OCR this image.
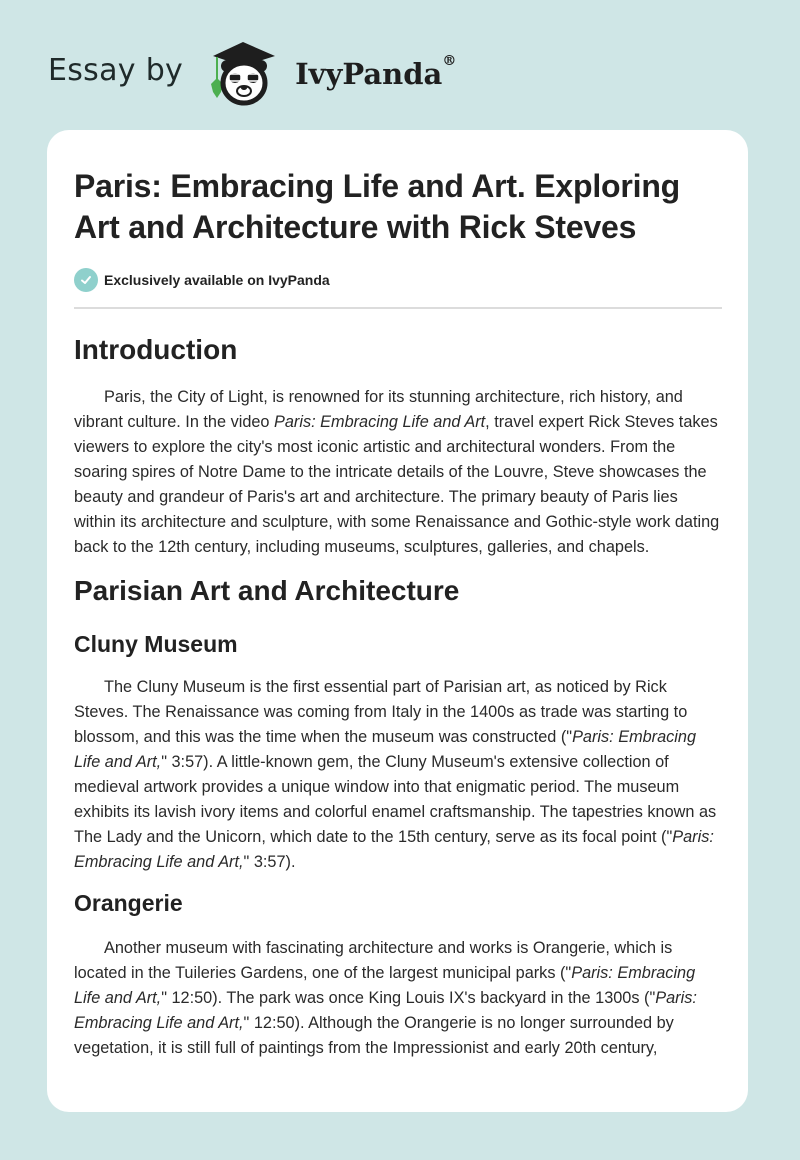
Essay by	IvyPanda®
Paris: Embracing Life and Art. Exploring Art and Architecture with Rick Steves
Exclusively available on IvyPanda
Introduction

Paris, the City of Light, is renowned for its stunning architecture, rich history, and vibrant culture. In the video Paris: Embracing Life and Art, travel expert Rick Steves takes viewers to explore the city's most iconic artistic and architectural wonders. From the soaring spires of Notre Dame to the intricate details of the Louvre, Steve showcases the beauty and grandeur of Paris's art and architecture. The primary beauty of Paris lies within its architecture and sculpture, with some Renaissance and Gothic-style work dating back to the 12th century, including museums, sculptures, galleries, and chapels.

Parisian Art and Architecture
Cluny Museum

The Cluny Museum is the first essential part of Parisian art, as noticed by Rick Steves. The Renaissance was coming from Italy in the 1400s as trade was starting to blossom, and this was the time when the museum was constructed ("Paris: Embracing Life and Art," 3:57). A little-known gem, the Cluny Museum's extensive collection of medieval artwork provides a unique window into that enigmatic period. The museum exhibits its lavish ivory items and colorful enamel craftsmanship. The tapestries known as The Lady and the Unicorn, which date to the 15th century, serve as its focal point ("Paris: Embracing Life and Art," 3:57).

Orangerie

Another museum with fascinating architecture and works is Orangerie, which is located in the Tuileries Gardens, one of the largest municipal parks ("Paris: Embracing Life and Art," 12:50). The park was once King Louis IX's backyard in the 1300s ("Paris: Embracing Life and Art," 12:50). Although the Orangerie is no longer surrounded by vegetation, it is still full of paintings from the Impressionist and early 20th century,
